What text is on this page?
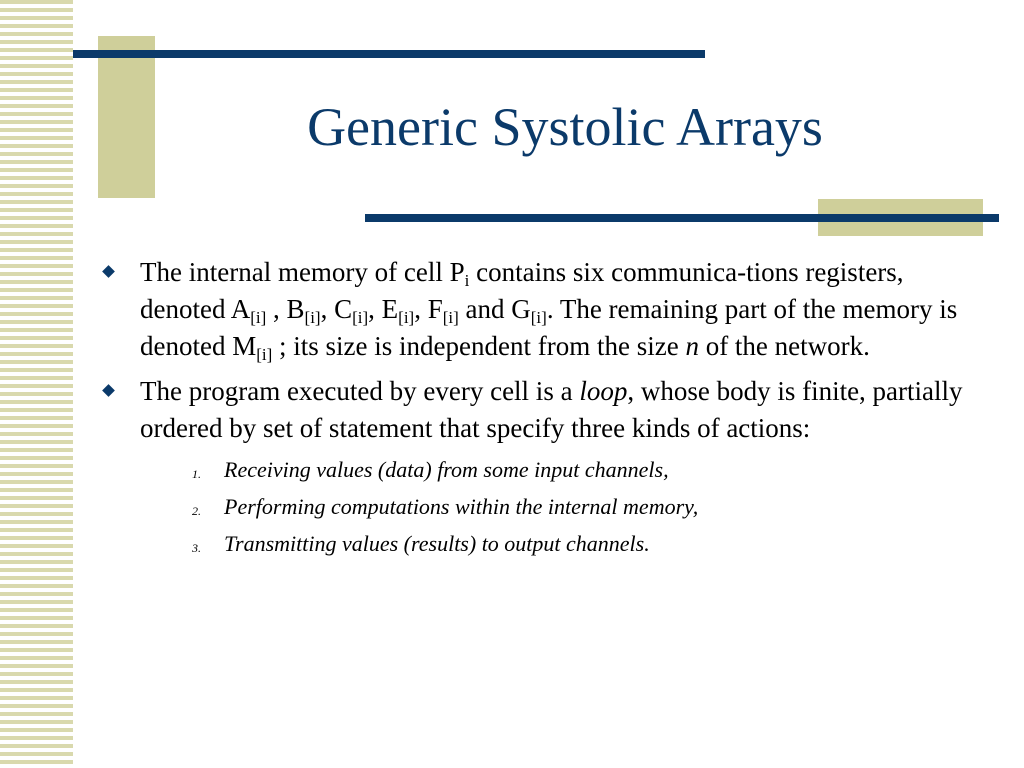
Generic Systolic Arrays
The internal memory of cell $P_i$ contains six communica-tions registers, denoted $A_{[i]}$ , $B_{[i]}$, $C_{[i]}$, $E_{[i]}$, $F_{[i]}$ and $G_{[i]}$. The remaining part of the memory is denoted $M_{[i]}$ ; its size is independent from the size n of the network.
The program executed by every cell is a loop, whose body is finite, partially ordered by set of statement that specify three kinds of actions:
1. Receiving values (data) from some input channels,
2. Performing computations within the internal memory,
3. Transmitting values (results) to output channels.
